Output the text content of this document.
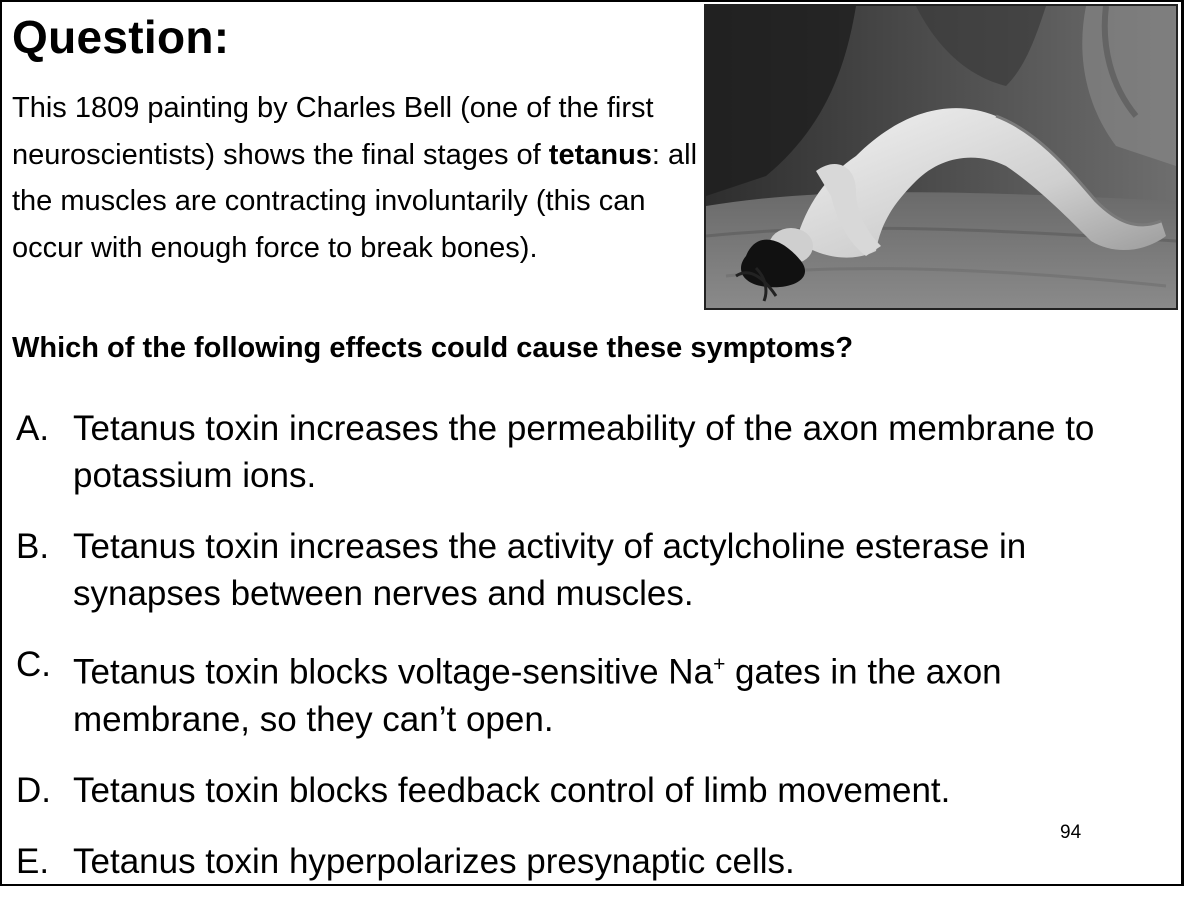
Question:
This 1809 painting by Charles Bell (one of the first neuroscientists) shows the final stages of tetanus: all the muscles are contracting involuntarily (this can occur with enough force to break bones).
Which of the following effects could cause these symptoms?
A. Tetanus toxin increases the permeability of the axon membrane to potassium ions.
B. Tetanus toxin increases the activity of actylcholine esterase in synapses between nerves and muscles.
C. Tetanus toxin blocks voltage-sensitive Na+ gates in the axon membrane, so they can’t open.
D. Tetanus toxin blocks feedback control of limb movement.
E. Tetanus toxin hyperpolarizes presynaptic cells.
94
